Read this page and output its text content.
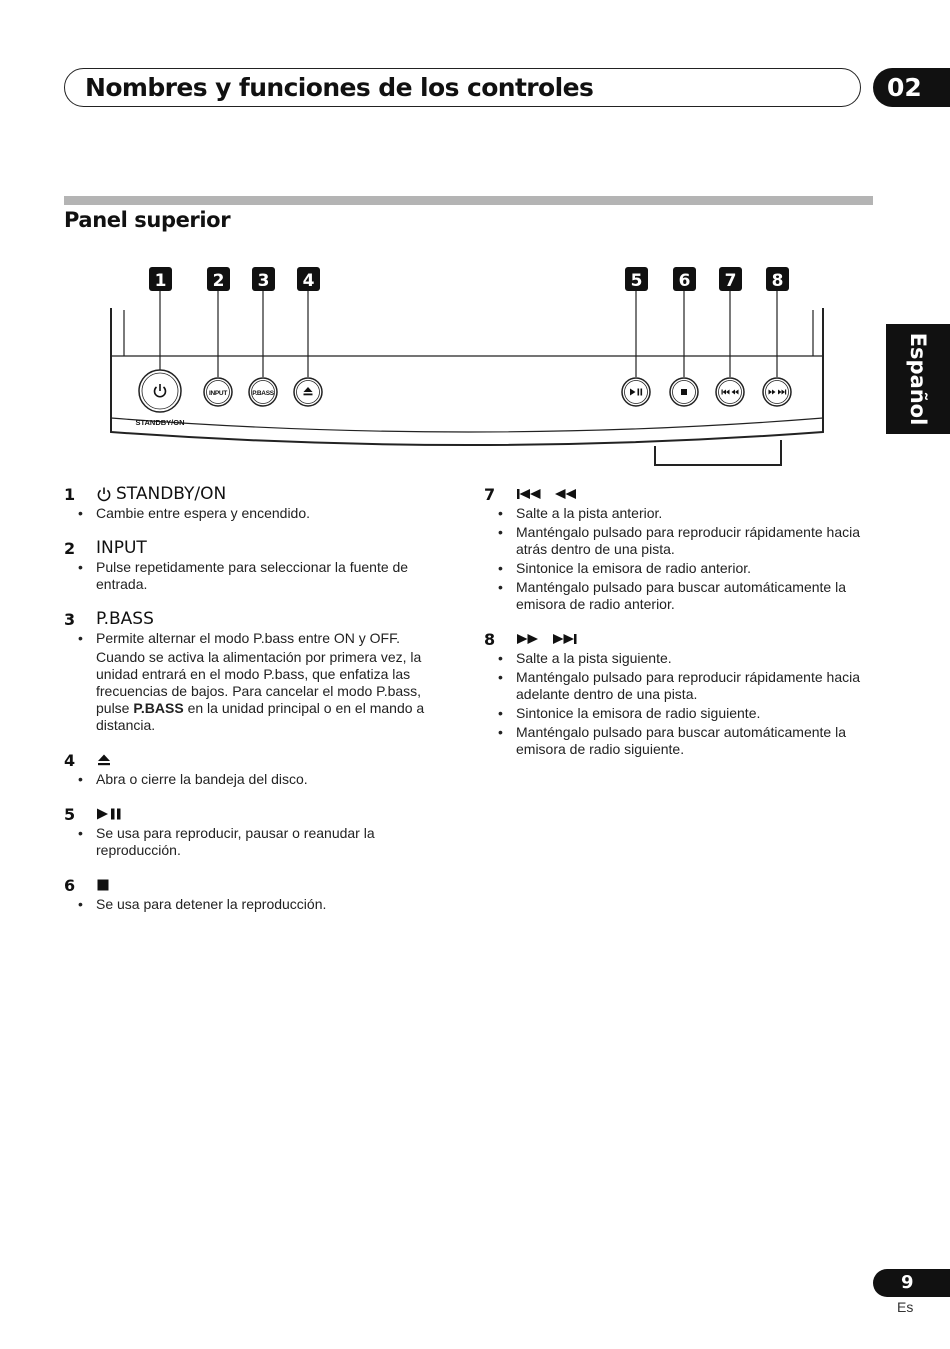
Nombres y funciones de los controles	02
Panel superior
Español
1	2 3 4	5 6 7 8
INPUT	P.BASS
STANDBY/ON
1	STANDBY/ON
• Cambie entre espera y encendido.
2	INPUT
• Pulse repetidamente para seleccionar la fuente de entrada.
3	P.BASS
• Permite alternar el modo P.bass entre ON y OFF.
Cuando se activa la alimentación por primera vez, la unidad entrará en el modo P.bass, que enfatiza las frecuencias de bajos. Para cancelar el modo P.bass, pulse P.BASS en la unidad principal o en el mando a distancia.
4
• Abra o cierre la bandeja del disco.
5
• Se usa para reproducir, pausar o reanudar la reproducción.
6
• Se usa para detener la reproducción.
7
• Salte a la pista anterior.
• Manténgalo pulsado para reproducir rápidamente hacia atrás dentro de una pista.
• Sintonice la emisora de radio anterior.
• Manténgalo pulsado para buscar automáticamente la emisora de radio anterior.
8
• Salte a la pista siguiente.
• Manténgalo pulsado para reproducir rápidamente hacia adelante dentro de una pista.
• Sintonice la emisora de radio siguiente.
• Manténgalo pulsado para buscar automáticamente la emisora de radio siguiente.
9
Es
